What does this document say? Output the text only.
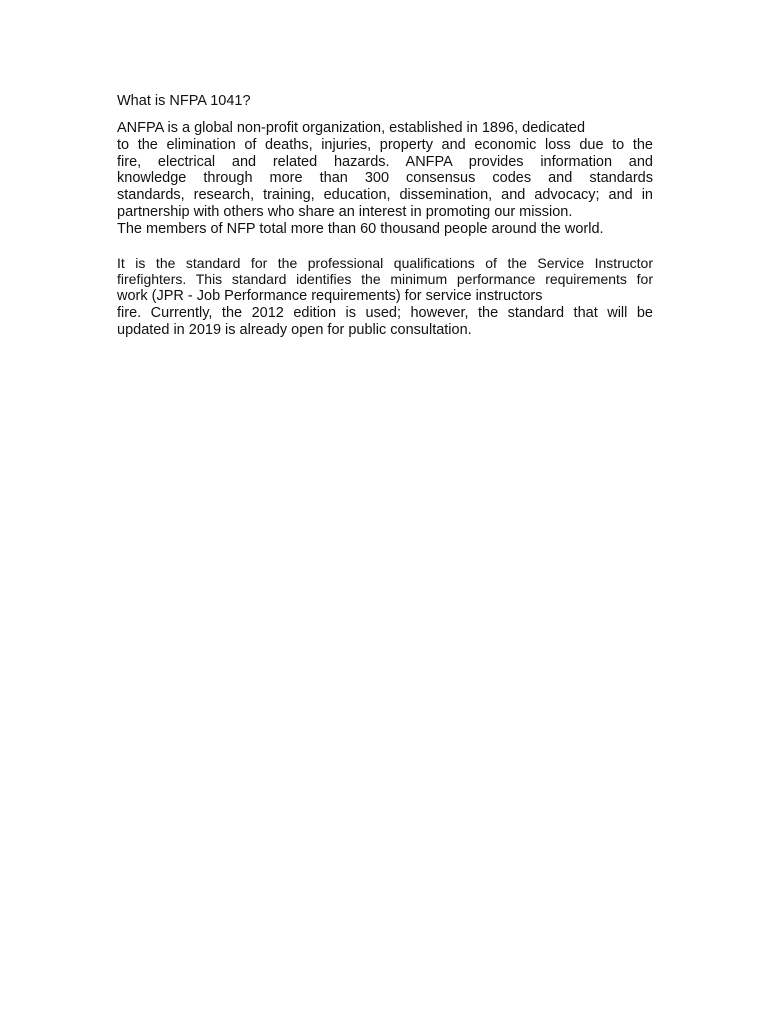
What is NFPA 1041?
ANFPA is a global non-profit organization, established in 1896, dedicated
to the elimination of deaths, injuries, property and economic loss due to the
fire, electrical and related hazards. ANFPA provides information and
knowledge through more than 300 consensus codes and standards
standards, research, training, education, dissemination, and advocacy; and in
partnership with others who share an interest in promoting our mission.
The members of NFP total more than 60 thousand people around the world.
It is the standard for the professional qualifications of the Service Instructor
firefighters. This standard identifies the minimum performance requirements for
work (JPR - Job Performance requirements) for service instructors
fire. Currently, the 2012 edition is used; however, the standard that will be
updated in 2019 is already open for public consultation.
